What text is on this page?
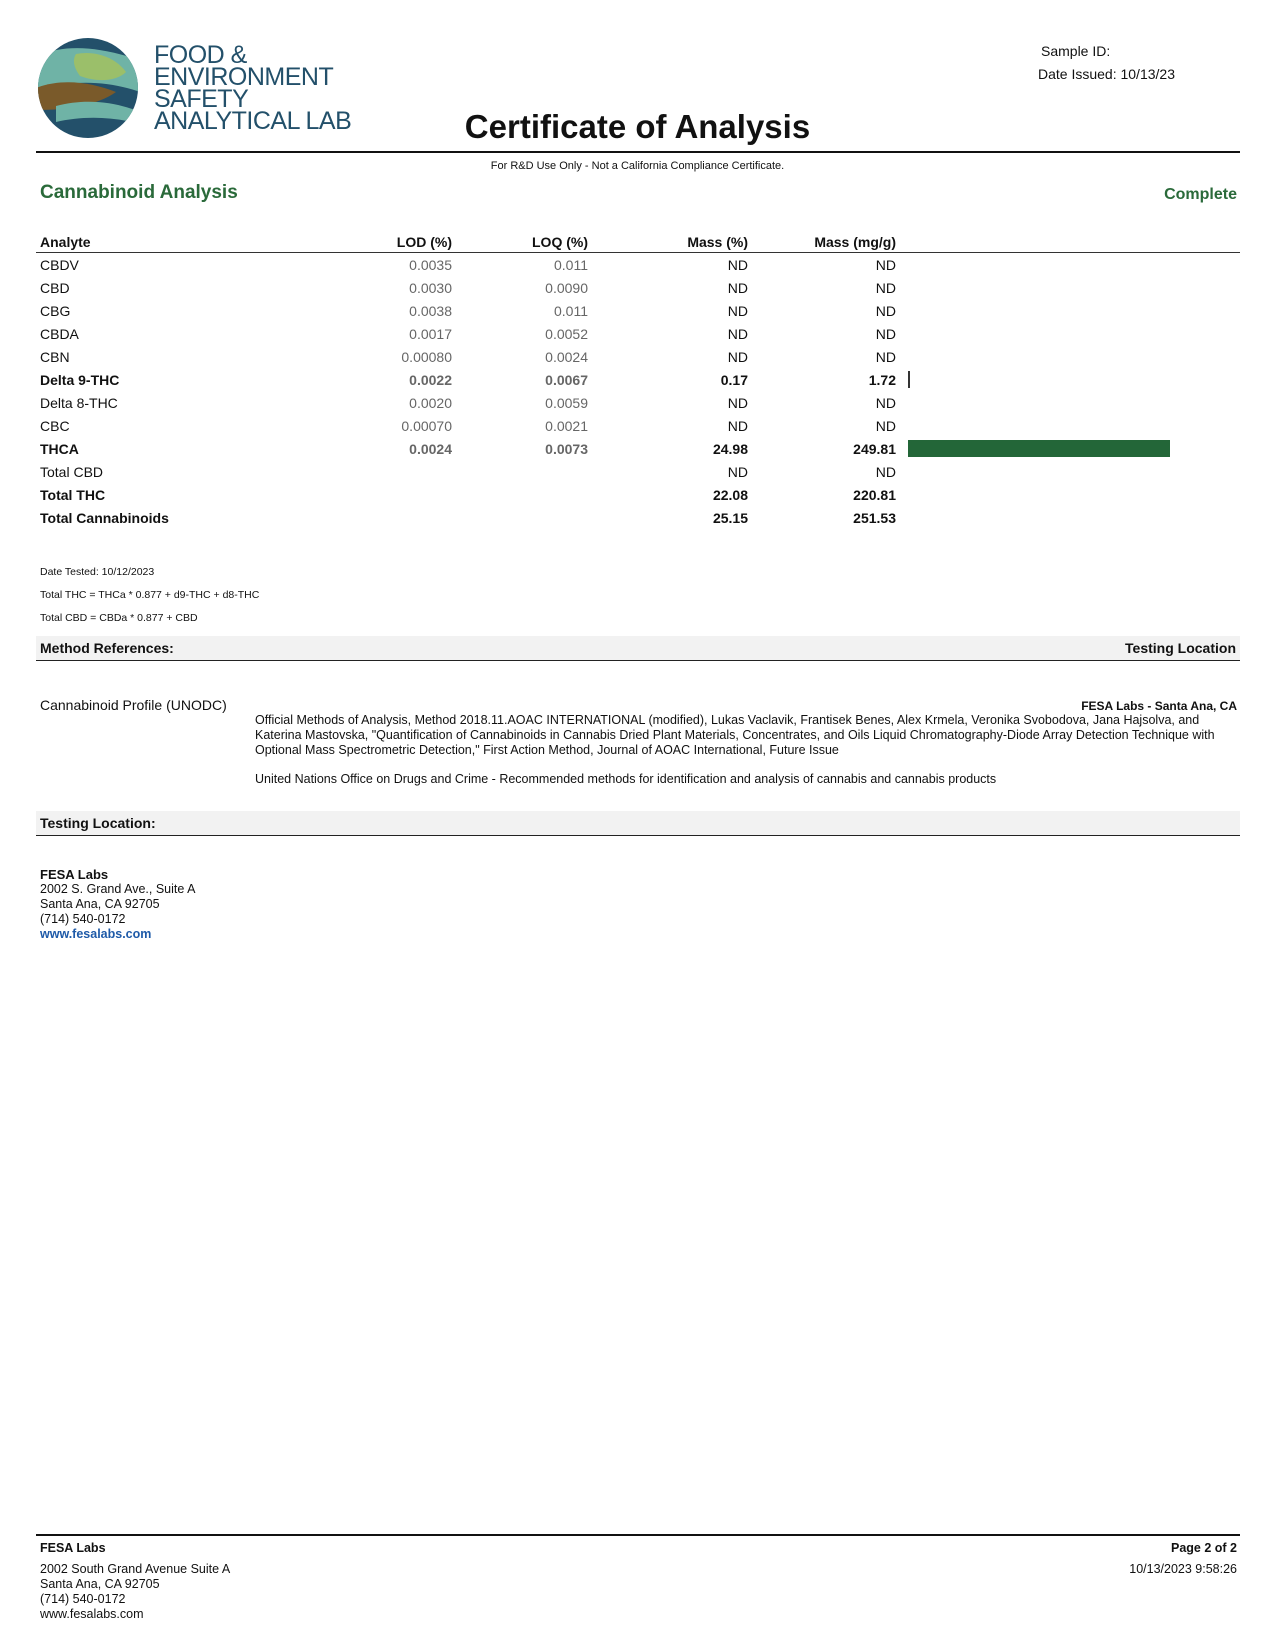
FOOD &
ENVIRONMENT
SAFETY
ANALYTICAL LAB
Sample ID:
Date Issued: 10/13/23
Certificate of Analysis
For R&D Use Only - Not a California Compliance Certificate.
Cannabinoid Analysis	Complete
Analyte	LOD (%)	LOQ (%)	Mass (%)	Mass (mg/g)	
CBDV	0.0035	0.011	ND	ND	
CBD	0.0030	0.0090	ND	ND	
CBG	0.0038	0.011	ND	ND	
CBDA	0.0017	0.0052	ND	ND	
CBN	0.00080	0.0024	ND	ND	
Delta 9-THC	0.0022	0.0067	0.17	1.72	
Delta 8-THC	0.0020	0.0059	ND	ND	
CBC	0.00070	0.0021	ND	ND	
THCA	0.0024	0.0073	24.98	249.81	
Total CBD			ND	ND	
Total THC			22.08	220.81	
Total Cannabinoids			25.15	251.53	
Date Tested: 10/12/2023
Total THC = THCa * 0.877 + d9-THC + d8-THC
Total CBD = CBDa * 0.877 + CBD
Method References:	Testing Location
Cannabinoid Profile (UNODC)	FESA Labs - Santa Ana, CA

Official Methods of Analysis, Method 2018.11.AOAC INTERNATIONAL (modified), Lukas Vaclavik, Frantisek Benes, Alex Krmela, Veronika Svobodova, Jana Hajsolva, and Katerina Mastovska, "Quantification of Cannabinoids in Cannabis Dried Plant Materials, Concentrates, and Oils Liquid Chromatography-Diode Array Detection Technique with Optional Mass Spectrometric Detection," First Action Method, Journal of AOAC International, Future Issue

United Nations Office on Drugs and Crime - Recommended methods for identification and analysis of cannabis and cannabis products

Testing Location:
FESA Labs
2002 S. Grand Ave., Suite A
Santa Ana, CA 92705
(714) 540-0172
www.fesalabs.com
FESA Labs
2002 South Grand Avenue Suite A
Santa Ana, CA 92705
(714) 540-0172
www.fesalabs.com
Page 2 of 2
10/13/2023 9:58:26
